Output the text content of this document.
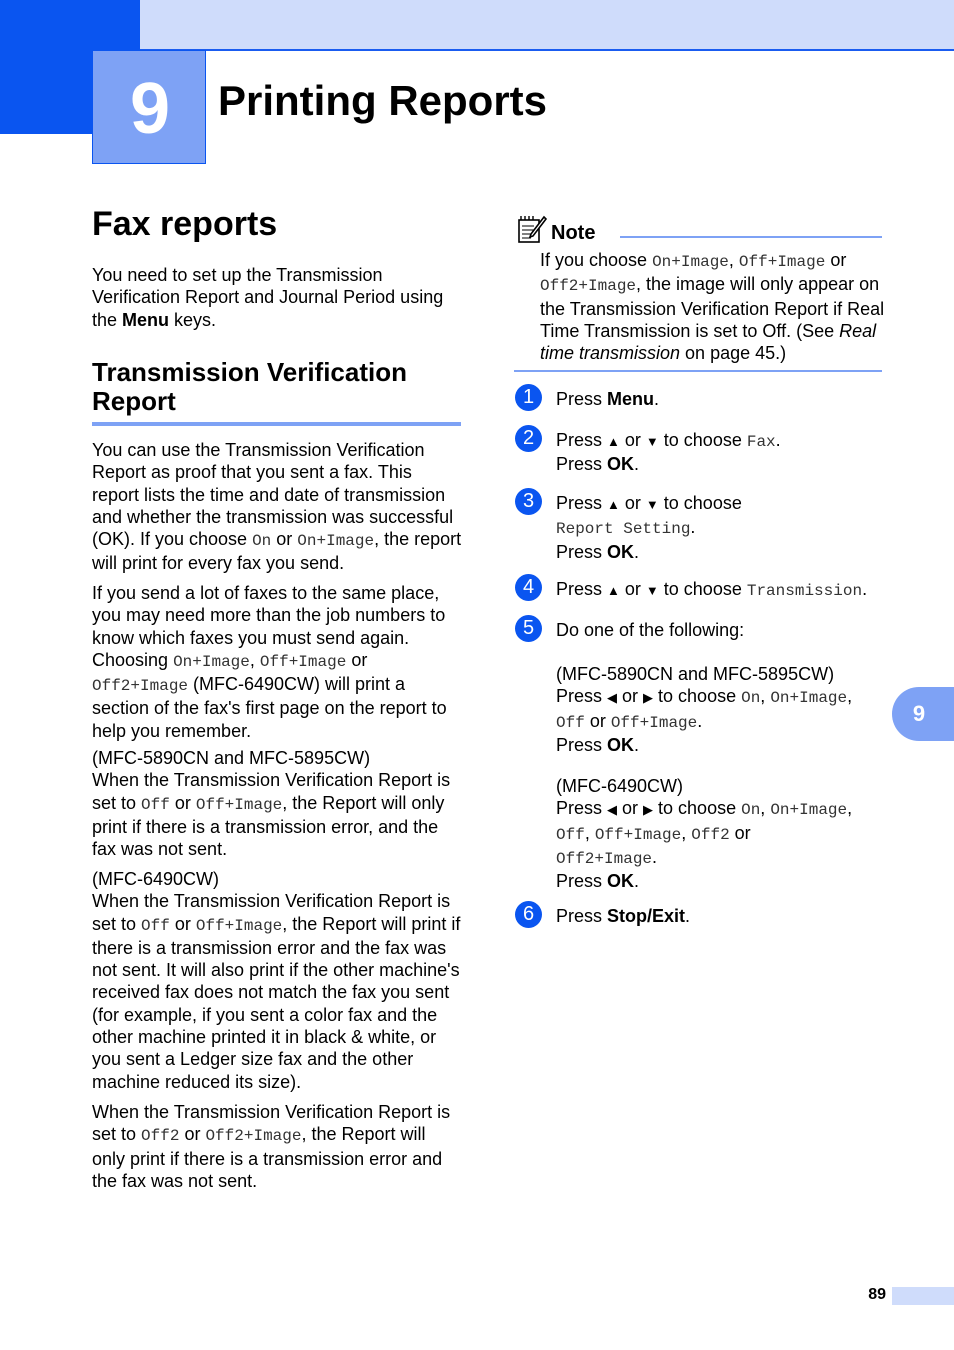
9	Printing Reports
Fax reports

You need to set up the Transmission Verification Report and Journal Period using the Menu keys.

Transmission Verification Report

You can use the Transmission Verification Report as proof that you sent a fax. This report lists the time and date of transmission and whether the transmission was successful (OK). If you choose On or On+Image, the report will print for every fax you send.

If you send a lot of faxes to the same place, you may need more than the job numbers to know which faxes you must send again. Choosing On+Image, Off+Image or Off2+Image (MFC-6490CW) will print a section of the fax's first page on the report to help you remember.

(MFC-5890CN and MFC-5895CW)
When the Transmission Verification Report is set to Off or Off+Image, the Report will only print if there is a transmission error, and the fax was not sent.

(MFC-6490CW)
When the Transmission Verification Report is set to Off or Off+Image, the Report will print if there is a transmission error and the fax was not sent. It will also print if the other machine's received fax does not match the fax you sent (for example, if you sent a color fax and the other machine printed it in black & white, or you sent a Ledger size fax and the other machine reduced its size).

When the Transmission Verification Report is set to Off2 or Off2+Image, the Report will only print if there is a transmission error and the fax was not sent.

Note
If you choose On+Image, Off+Image or Off2+Image, the image will only appear on the Transmission Verification Report if Real Time Transmission is set to Off. (See Real time transmission on page 45.)
1	Press Menu.
2	Press ▲ or ▼ to choose Fax.
Press OK.
3	Press ▲ or ▼ to choose
Report Setting.
Press OK.
4	Press ▲ or ▼ to choose Transmission.
5	Do one of the following:
(MFC-5890CN and MFC-5895CW)
Press ◀ or ▶ to choose On, On+Image,
Off or Off+Image.
Press OK.
(MFC-6490CW)
Press ◀ or ▶ to choose On, On+Image,
Off, Off+Image, Off2 or
Off2+Image.
Press OK.
6	Press Stop/Exit.
9
89
